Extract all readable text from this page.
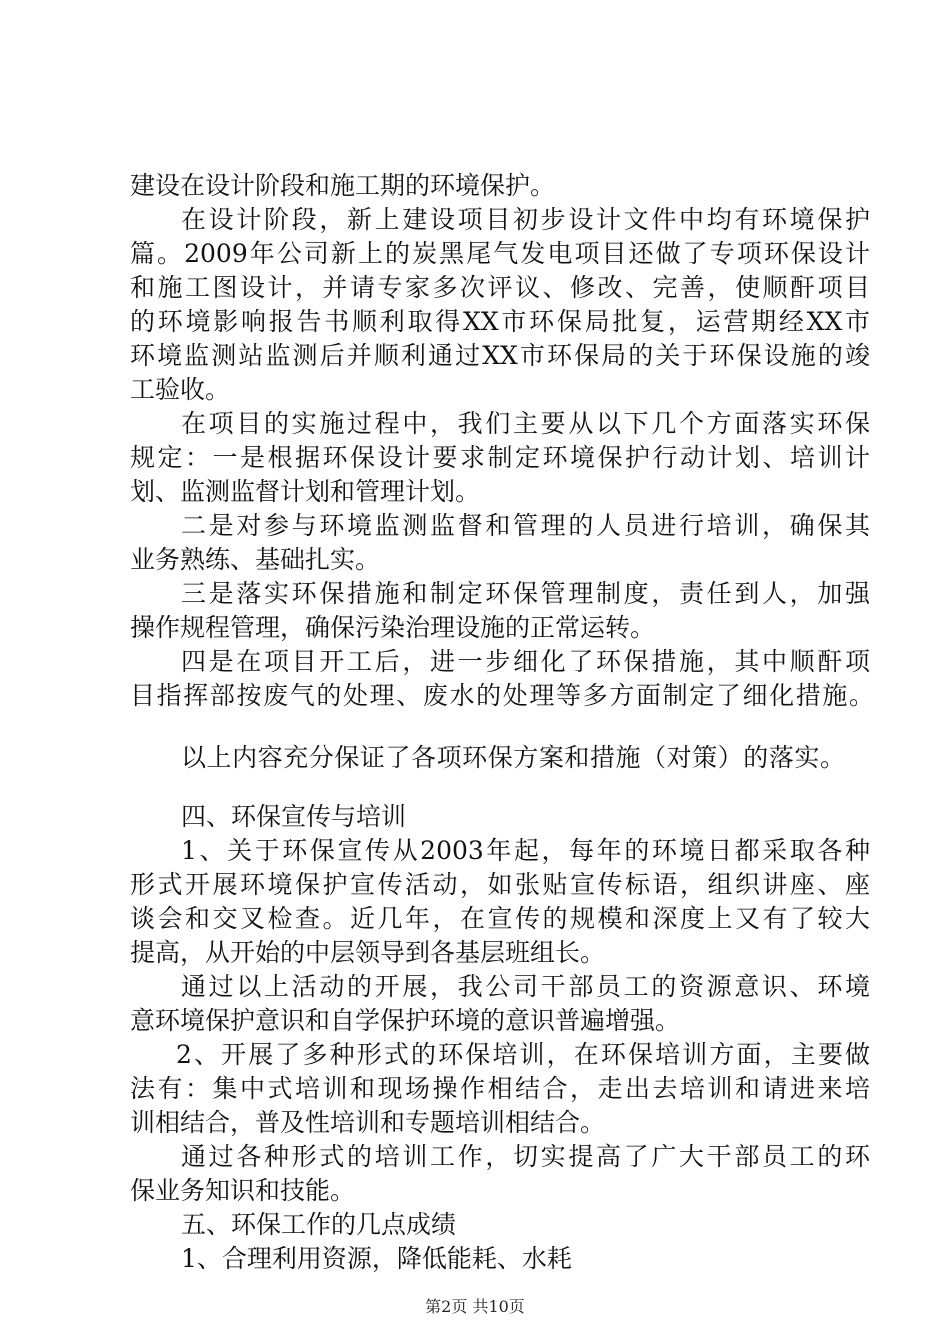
建设在设计阶段和施工期的环境保护。
在设计阶段，新上建设项目初步设计文件中均有环境保护
篇。2009年公司新上的炭黑尾气发电项目还做了专项环保设计
和施工图设计，并请专家多次评议、修改、完善，使顺酐项目
的环境影响报告书顺利取得XX市环保局批复，运营期经XX市
环境监测站监测后并顺利通过XX市环保局的关于环保设施的竣
工验收。
在项目的实施过程中，我们主要从以下几个方面落实环保
规定：一是根据环保设计要求制定环境保护行动计划、培训计
划、监测监督计划和管理计划。
二是对参与环境监测监督和管理的人员进行培训，确保其
业务熟练、基础扎实。
三是落实环保措施和制定环保管理制度，责任到人，加强
操作规程管理，确保污染治理设施的正常运转。
四是在项目开工后，进一步细化了环保措施，其中顺酐项
目指挥部按废气的处理、废水的处理等多方面制定了细化措施。
以上内容充分保证了各项环保方案和措施（对策）的落实。
四、环保宣传与培训
1、关于环保宣传从2003年起，每年的环境日都采取各种
形式开展环境保护宣传活动，如张贴宣传标语，组织讲座、座
谈会和交叉检查。近几年，在宣传的规模和深度上又有了较大
提高，从开始的中层领导到各基层班组长。
通过以上活动的开展，我公司干部员工的资源意识、环境
意环境保护意识和自学保护环境的意识普遍增强。
2、开展了多种形式的环保培训，在环保培训方面，主要做
法有：集中式培训和现场操作相结合，走出去培训和请进来培
训相结合，普及性培训和专题培训相结合。
通过各种形式的培训工作，切实提高了广大干部员工的环
保业务知识和技能。
五、环保工作的几点成绩
1、合理利用资源，降低能耗、水耗
第2页 共10页
